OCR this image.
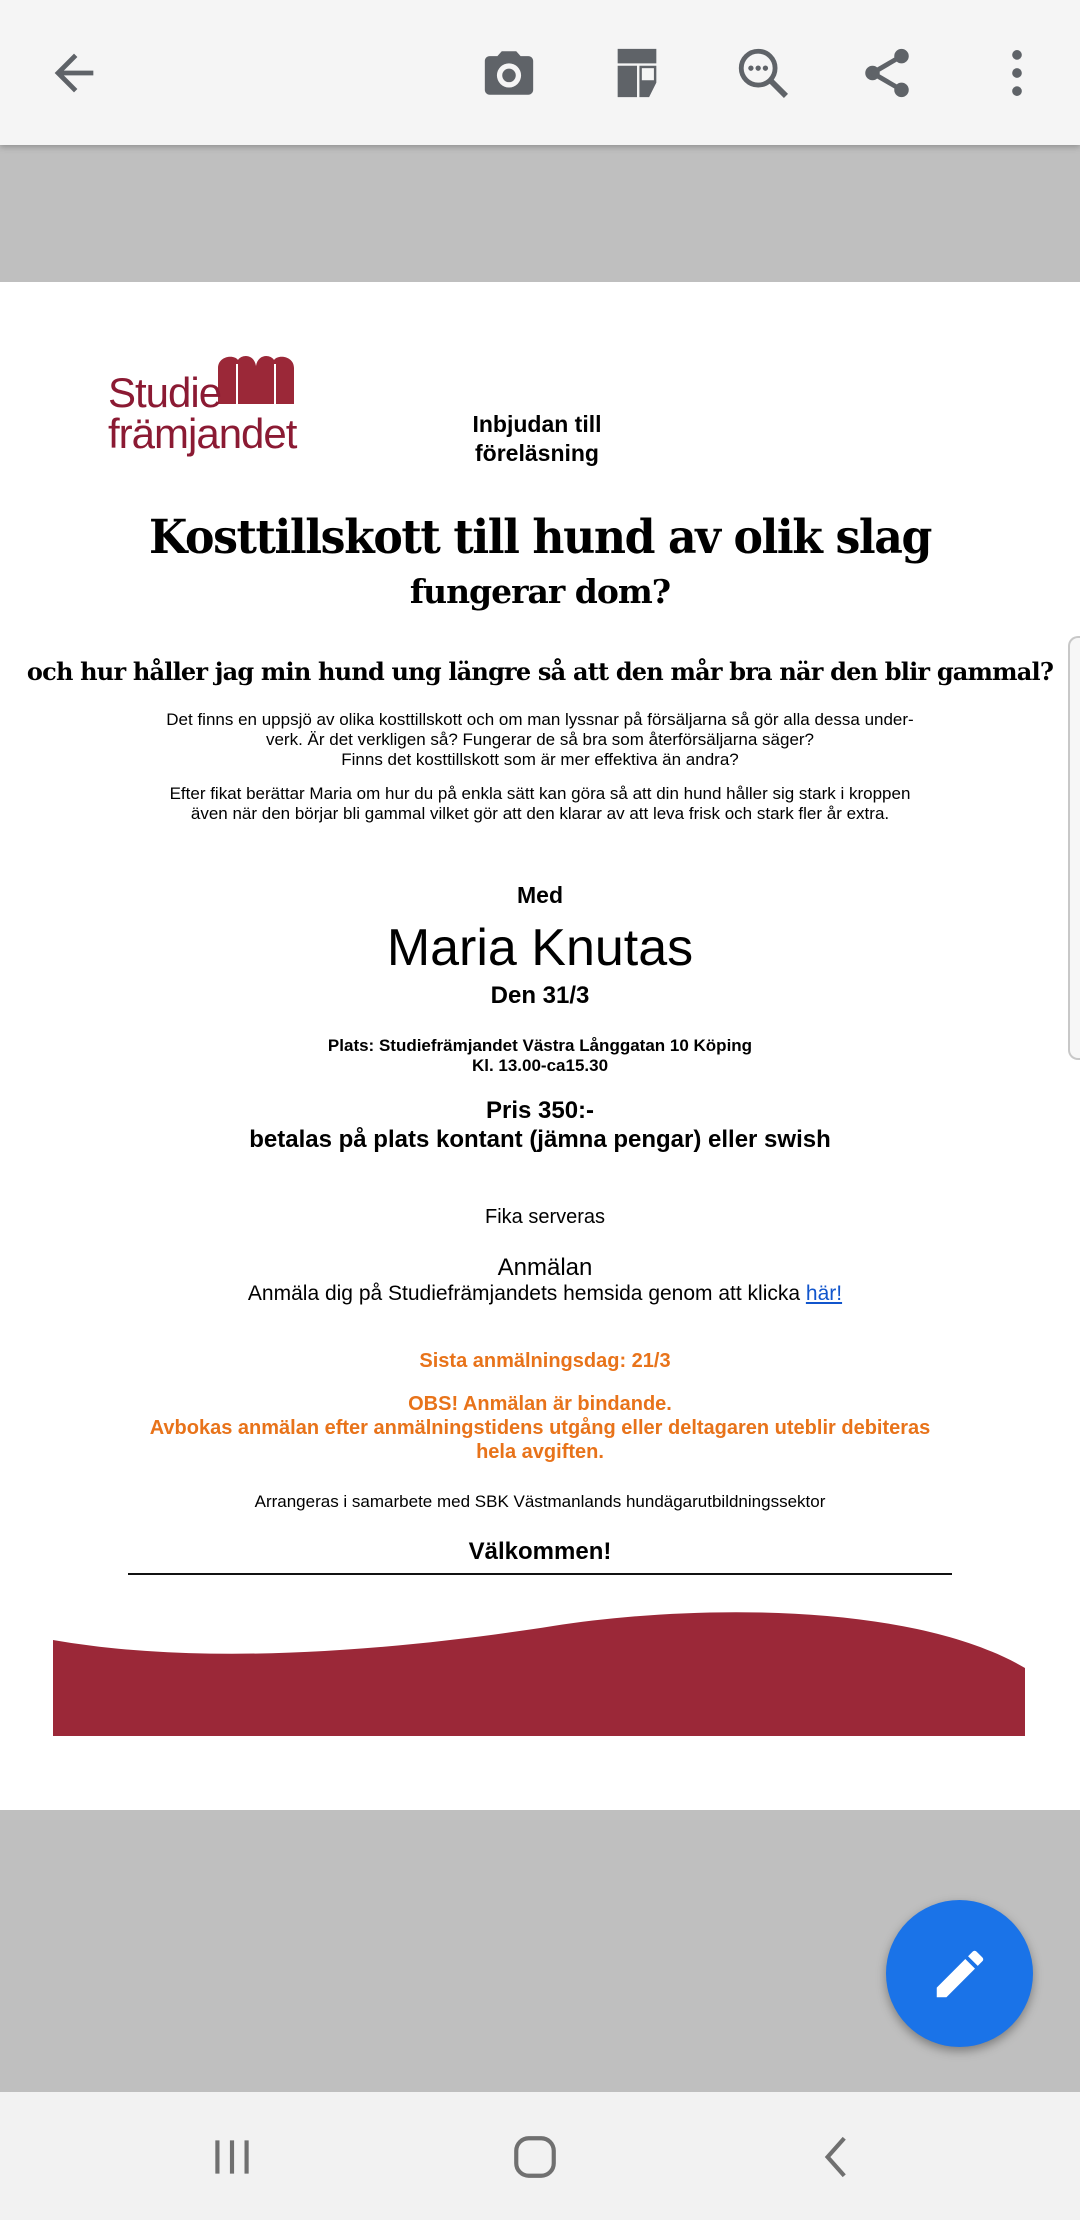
Studie
främjandet	Inbjudan till föreläsning
Kosttillskott till hund av olik slag
fungerar dom?
och hur håller jag min hund ung längre så att den mår bra när den blir gammal?
Det finns en uppsjö av olika kosttillskott och om man lyssnar på försäljarna så gör alla dessa under-
verk. Är det verkligen så? Fungerar de så bra som återförsäljarna säger?
Finns det kosttillskott som är mer effektiva än andra?
Efter fikat berättar Maria om hur du på enkla sätt kan göra så att din hund håller sig stark i kroppen
även när den börjar bli gammal vilket gör att den klarar av att leva frisk och stark fler år extra.
Med
Maria Knutas
Den 31/3
Plats: Studiefrämjandet Västra Långgatan 10 Köping
Kl. 13.00-ca15.30
Pris 350:-
betalas på plats kontant (jämna pengar) eller swish
Fika serveras
Anmälan
Anmäla dig på Studiefrämjandets hemsida genom att klicka här!
Sista anmälningsdag: 21/3
OBS! Anmälan är bindande.
Avbokas anmälan efter anmälningstidens utgång eller deltagaren uteblir debiteras
hela avgiften.
Arrangeras i samarbete med SBK Västmanlands hundägarutbildningssektor
Välkommen!
